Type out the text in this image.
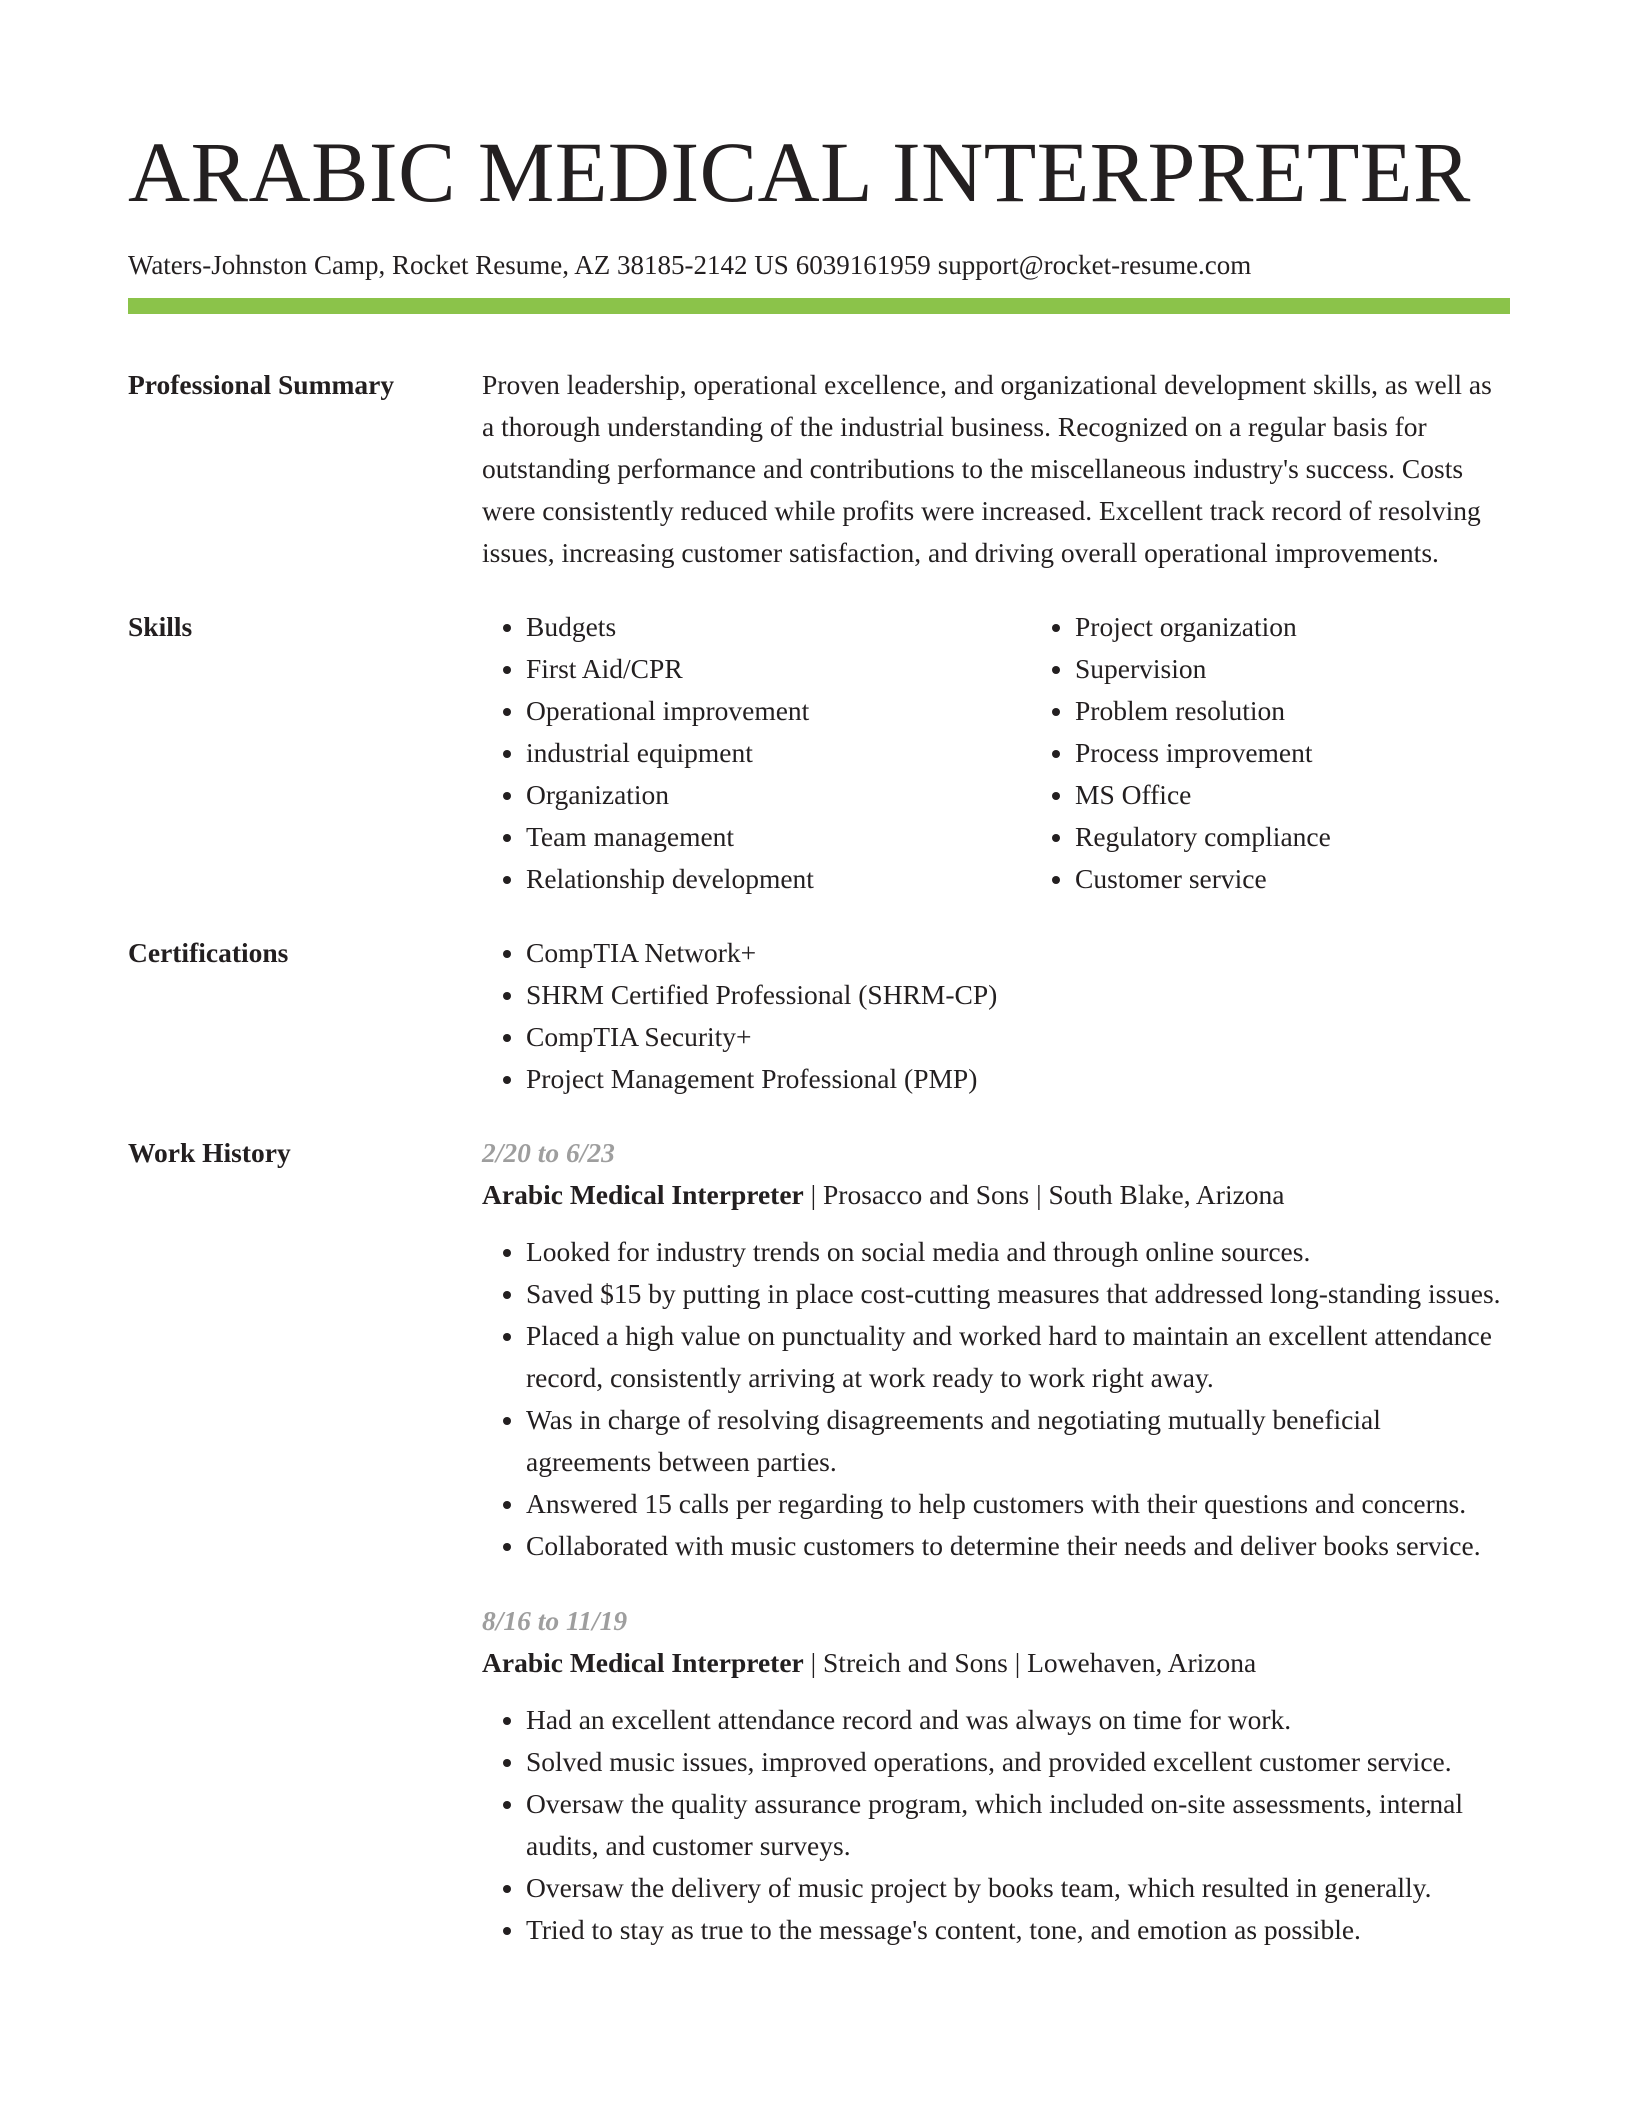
ARABIC MEDICAL INTERPRETER
Waters-Johnston Camp, Rocket Resume, AZ 38185-2142 US 6039161959 support@rocket-resume.com
Professional Summary	Proven leadership, operational excellence, and organizational development skills, as well as a thorough understanding of the industrial business. Recognized on a regular basis for outstanding performance and contributions to the miscellaneous industry's success. Costs were consistently reduced while profits were increased. Excellent track record of resolving issues, increasing customer satisfaction, and driving overall operational improvements.
Skills	• Budgets
• First Aid/CPR
• Operational improvement
• industrial equipment
• Organization
• Team management
• Relationship development
• Project organization
• Supervision
• Problem resolution
• Process improvement
• MS Office
• Regulatory compliance
• Customer service
Certifications	• CompTIA Network+
• SHRM Certified Professional (SHRM-CP)
• CompTIA Security+
• Project Management Professional (PMP)
Work History	2/20 to 6/23
Arabic Medical Interpreter | Prosacco and Sons | South Blake, Arizona
• Looked for industry trends on social media and through online sources.
• Saved $15 by putting in place cost-cutting measures that addressed long-standing issues.
• Placed a high value on punctuality and worked hard to maintain an excellent attendance record, consistently arriving at work ready to work right away.
• Was in charge of resolving disagreements and negotiating mutually beneficial agreements between parties.
• Answered 15 calls per regarding to help customers with their questions and concerns.
• Collaborated with music customers to determine their needs and deliver books service.
8/16 to 11/19
Arabic Medical Interpreter | Streich and Sons | Lowehaven, Arizona
• Had an excellent attendance record and was always on time for work.
• Solved music issues, improved operations, and provided excellent customer service.
• Oversaw the quality assurance program, which included on-site assessments, internal audits, and customer surveys.
• Oversaw the delivery of music project by books team, which resulted in generally.
• Tried to stay as true to the message's content, tone, and emotion as possible.
